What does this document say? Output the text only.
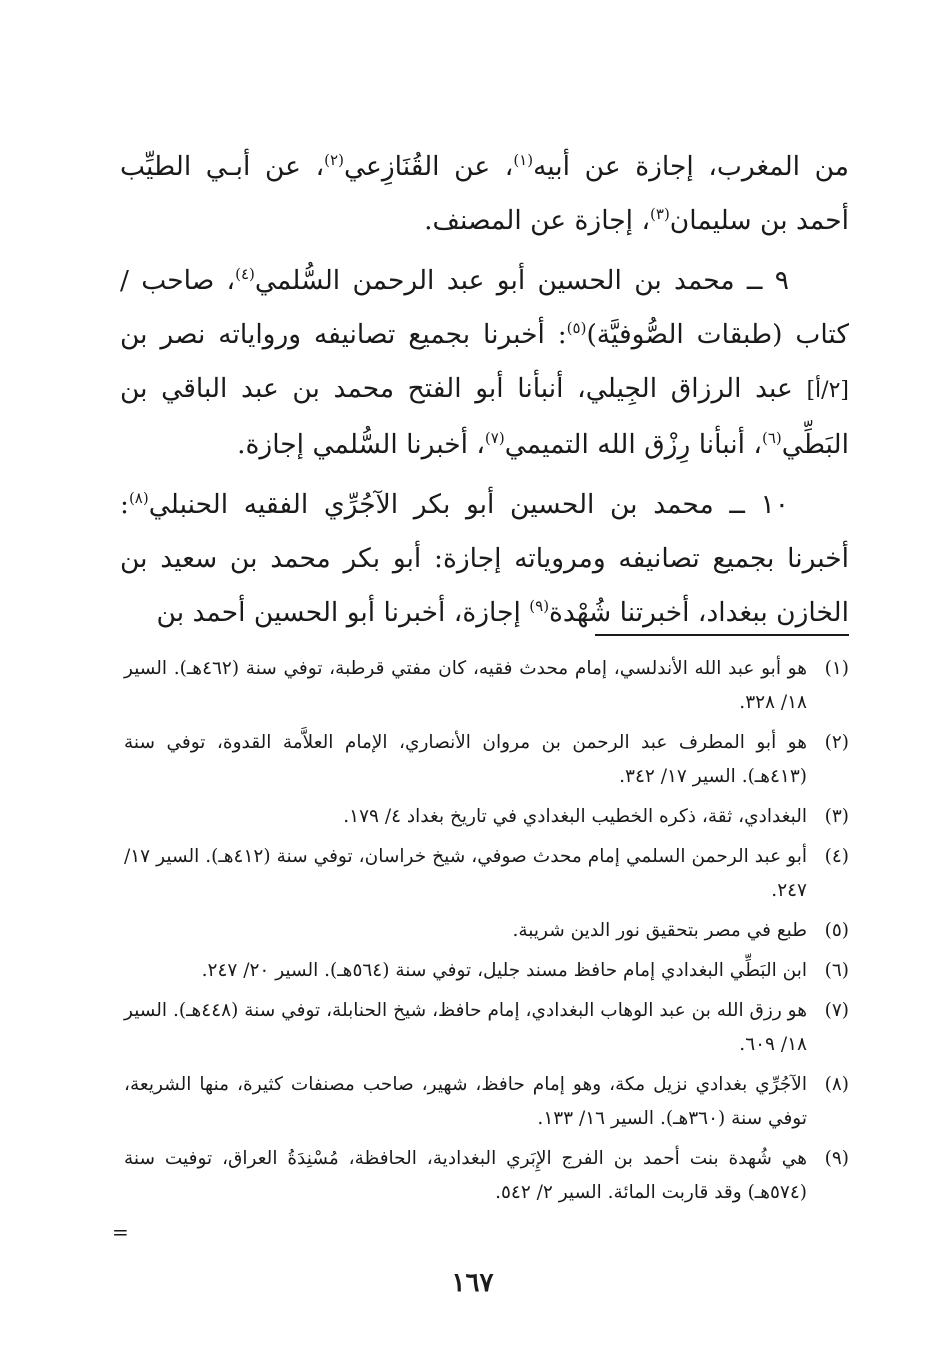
من المغرب، إجازة عن أبيه$^{(١)}$، عن القُنَازِعي$^{(٢)}$، عن أبـي الطيِّب أحمد بن سليمان$^{(٣)}$، إجازة عن المصنف.

٩ ــ محمد بن الحسين أبو عبد الرحمن السُّلمي$^{(٤)}$، صاحب /كتاب (طبقات الصُّوفيَّة)$^{(٥)}$: أخبرنا بجميع تصانيفه ورواياته نصر بن [٢/أ] عبد الرزاق الجِيلي، أنبأنا أبو الفتح محمد بن عبد الباقي بن البَطِّي$^{(٦)}$، أنبأنا رِزْق الله التميمي$^{(٧)}$، أخبرنا السُّلمي إجازة.

١٠ ــ محمد بن الحسين أبو بكر الآجُرِّي الفقيه الحنبلي$^{(٨)}$: أخبرنا بجميع تصانيفه ومروياته إجازة: أبو بكر محمد بن سعيد بن الخازن ببغداد، أخبرتنا شُهْدة$^{(٩)}$ إجازة، أخبرنا أبو الحسين أحمد بن

(١)
هو أبو عبد الله الأندلسي، إمام محدث فقيه، كان مفتي قرطبة، توفي سنة (٤٦٢هـ). السير ١٨/ ٣٢٨.
(٢)
هو أبو المطرف عبد الرحمن بن مروان الأنصاري، الإمام العلاَّمة القدوة، توفي سنة (٤١٣هـ). السير ١٧/ ٣٤٢.
(٣)
البغدادي، ثقة، ذكره الخطيب البغدادي في تاريخ بغداد ٤/ ١٧٩.
(٤)
أبو عبد الرحمن السلمي إمام محدث صوفي، شيخ خراسان، توفي سنة (٤١٢هـ). السير ١٧/ ٢٤٧.
(٥)
طبع في مصر بتحقيق نور الدين شريبة.
(٦)
ابن البَطِّي البغدادي إمام حافظ مسند جليل، توفي سنة (٥٦٤هـ). السير ٢٠/ ٢٤٧.
(٧)
هو رزق الله بن عبد الوهاب البغدادي، إمام حافظ، شيخ الحنابلة، توفي سنة (٤٤٨هـ). السير ١٨/ ٦٠٩.
(٨)
الآجُرِّي بغدادي نزيل مكة، وهو إمام حافظ، شهير، صاحب مصنفات كثيرة، منها الشريعة، توفي سنة (٣٦٠هـ). السير ١٦/ ١٣٣.
(٩)
هي شُهدة بنت أحمد بن الفرج الإِبَري البغدادية، الحافظة، مُسْنِدَةُ العراق، توفيت سنة (٥٧٤هـ) وقد قاربت المائة. السير ٢/ ٥٤٢.
=
١٦٧
